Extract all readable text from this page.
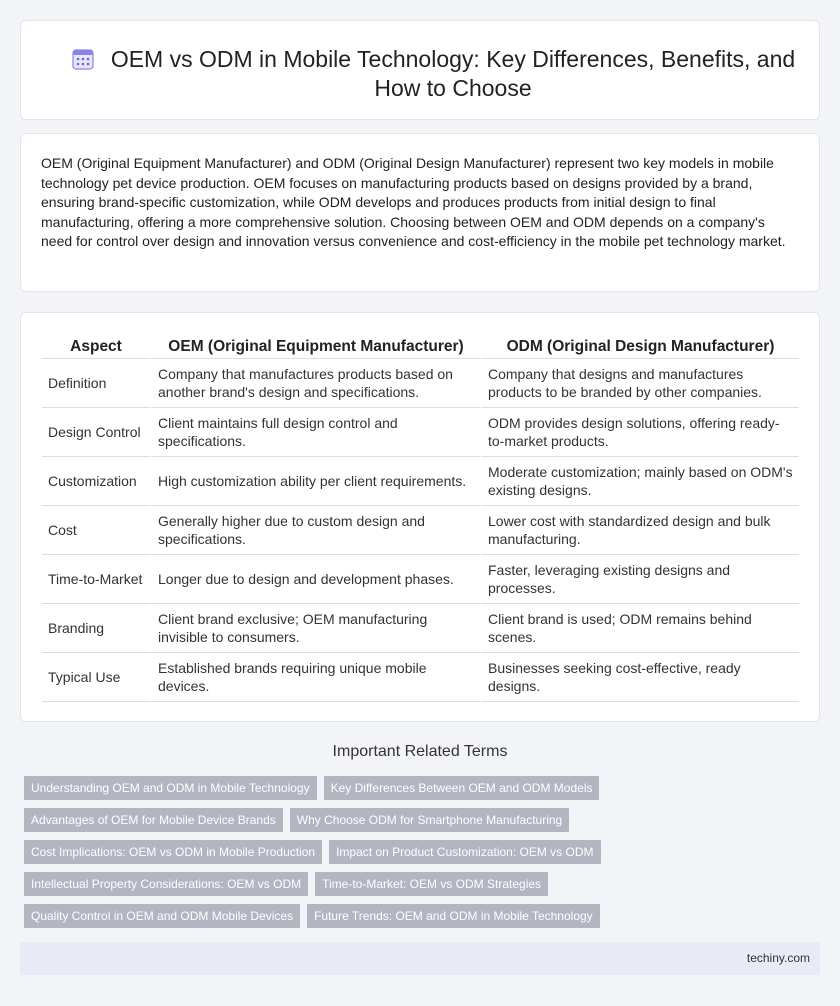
OEM vs ODM in Mobile Technology: Key Differences, Benefits, and How to Choose

OEM (Original Equipment Manufacturer) and ODM (Original Design Manufacturer) represent two key models in mobile technology pet device production. OEM focuses on manufacturing products based on designs provided by a brand, ensuring brand-specific customization, while ODM develops and produces products from initial design to final manufacturing, offering a more comprehensive solution. Choosing between OEM and ODM depends on a company's need for control over design and innovation versus convenience and cost-efficiency in the mobile pet technology market.

Aspect	OEM (Original Equipment Manufacturer)	ODM (Original Design Manufacturer)
Definition	Company that manufactures products based on another brand's design and specifications.	Company that designs and manufactures products to be branded by other companies.
Design Control	Client maintains full design control and specifications.	ODM provides design solutions, offering ready-to-market products.
Customization	High customization ability per client requirements.	Moderate customization; mainly based on ODM's existing designs.
Cost	Generally higher due to custom design and specifications.	Lower cost with standardized design and bulk manufacturing.
Time-to-Market	Longer due to design and development phases.	Faster, leveraging existing designs and processes.
Branding	Client brand exclusive; OEM manufacturing invisible to consumers.	Client brand is used; ODM remains behind scenes.
Typical Use	Established brands requiring unique mobile devices.	Businesses seeking cost-effective, ready designs.
Important Related Terms
Understanding OEM and ODM in Mobile Technology	Key Differences Between OEM and ODM Models
Advantages of OEM for Mobile Device Brands	Why Choose ODM for Smartphone Manufacturing
Cost Implications: OEM vs ODM in Mobile Production	Impact on Product Customization: OEM vs ODM
Intellectual Property Considerations: OEM vs ODM	Time-to-Market: OEM vs ODM Strategies
Quality Control in OEM and ODM Mobile Devices	Future Trends: OEM and ODM in Mobile Technology
techiny.com
